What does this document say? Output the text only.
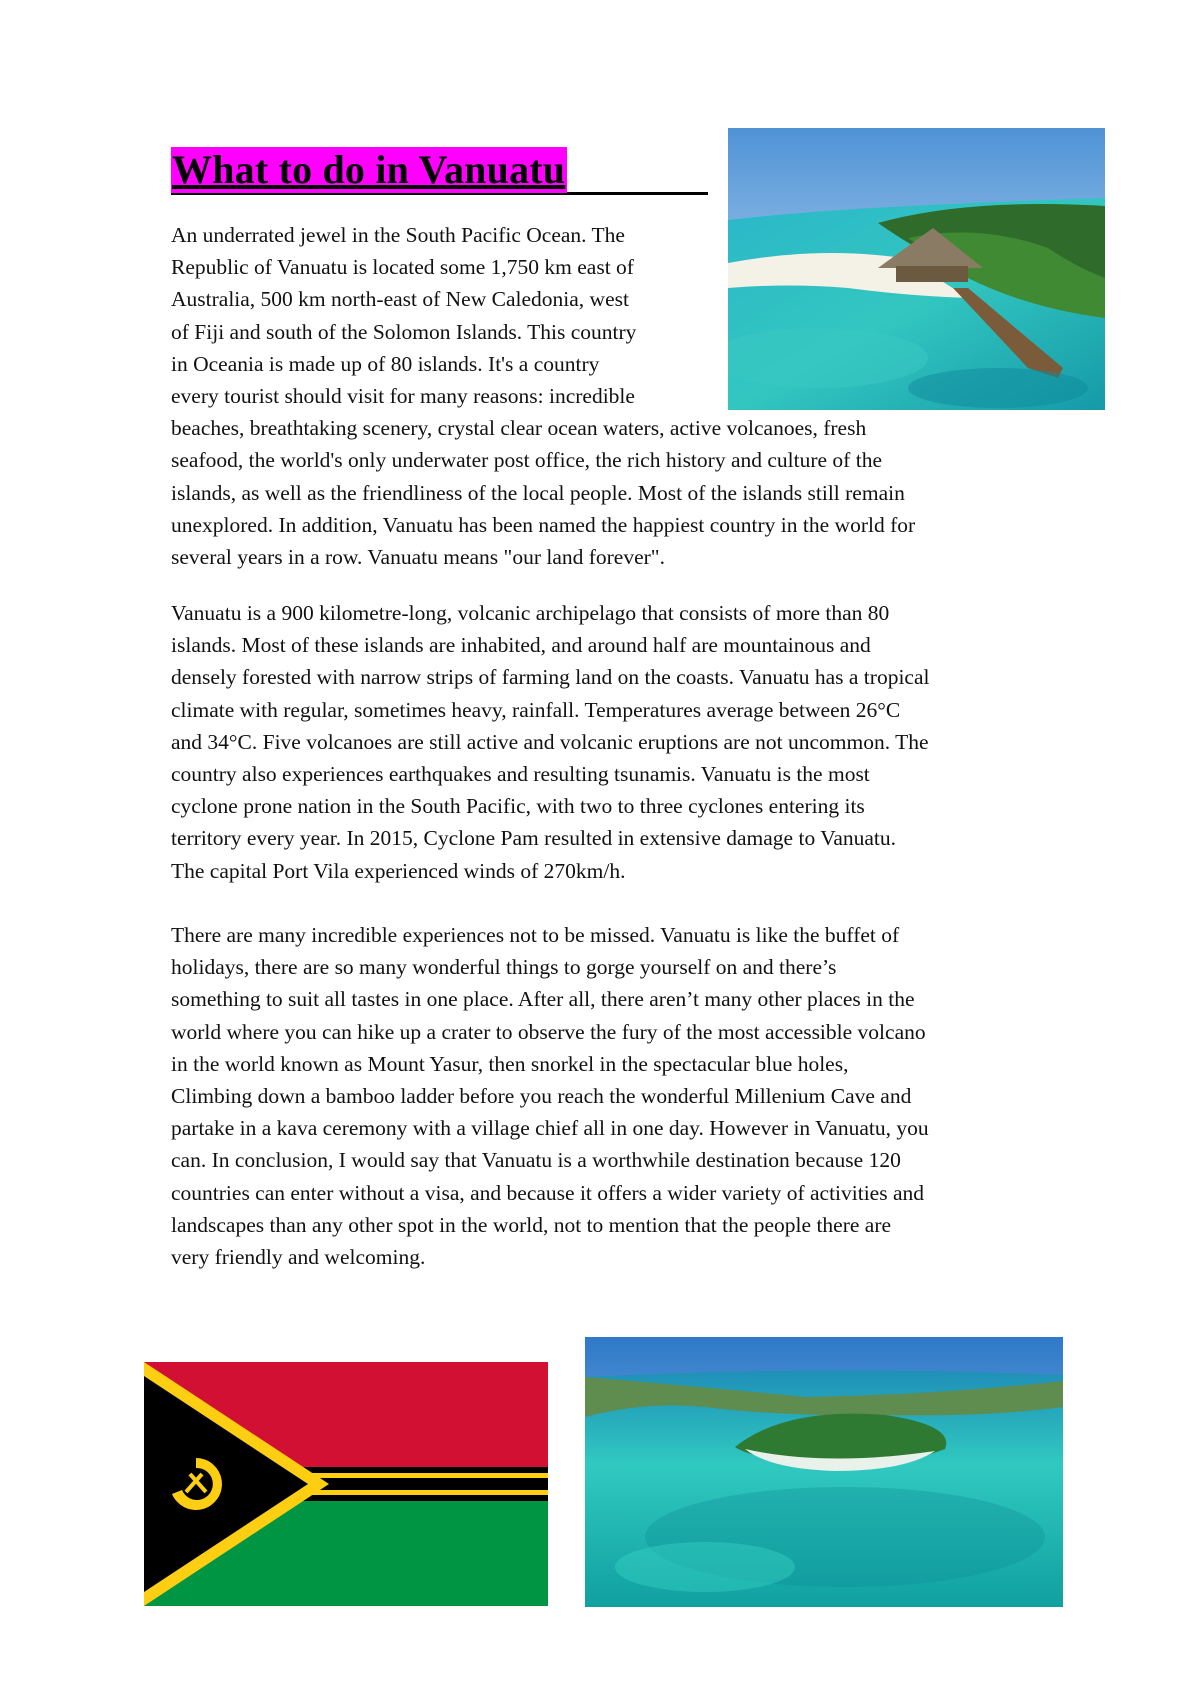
What to do in Vanuatu
An underrated jewel in the South Pacific Ocean. The
Republic of Vanuatu is located some 1,750 km east of
Australia, 500 km north-east of New Caledonia, west
of Fiji and south of the Solomon Islands. This country
in Oceania is made up of 80 islands. It's a country
every tourist should visit for many reasons: incredible
beaches, breathtaking scenery, crystal clear ocean waters, active volcanoes, fresh
seafood, the world's only underwater post office, the rich history and culture of the
islands, as well as the friendliness of the local people. Most of the islands still remain
unexplored. In addition, Vanuatu has been named the happiest country in the world for
several years in a row. Vanuatu means "our land forever".
Vanuatu is a 900 kilometre-long, volcanic archipelago that consists of more than 80
islands. Most of these islands are inhabited, and around half are mountainous and
densely forested with narrow strips of farming land on the coasts. Vanuatu has a tropical
climate with regular, sometimes heavy, rainfall. Temperatures average between 26°C
and 34°C. Five volcanoes are still active and volcanic eruptions are not uncommon. The
country also experiences earthquakes and resulting tsunamis. Vanuatu is the most
cyclone prone nation in the South Pacific, with two to three cyclones entering its
territory every year. In 2015, Cyclone Pam resulted in extensive damage to Vanuatu.
The capital Port Vila experienced winds of 270km/h.
There are many incredible experiences not to be missed. Vanuatu is like the buffet of
holidays, there are so many wonderful things to gorge yourself on and there’s
something to suit all tastes in one place. After all, there aren’t many other places in the
world where you can hike up a crater to observe the fury of the most accessible volcano
in the world known as Mount Yasur, then snorkel in the spectacular blue holes,
Climbing down a bamboo ladder before you reach the wonderful Millenium Cave and
partake in a kava ceremony with a village chief all in one day. However in Vanuatu, you
can. In conclusion, I would say that Vanuatu is a worthwhile destination because 120
countries can enter without a visa, and because it offers a wider variety of activities and
landscapes than any other spot in the world, not to mention that the people there are
very friendly and welcoming.
